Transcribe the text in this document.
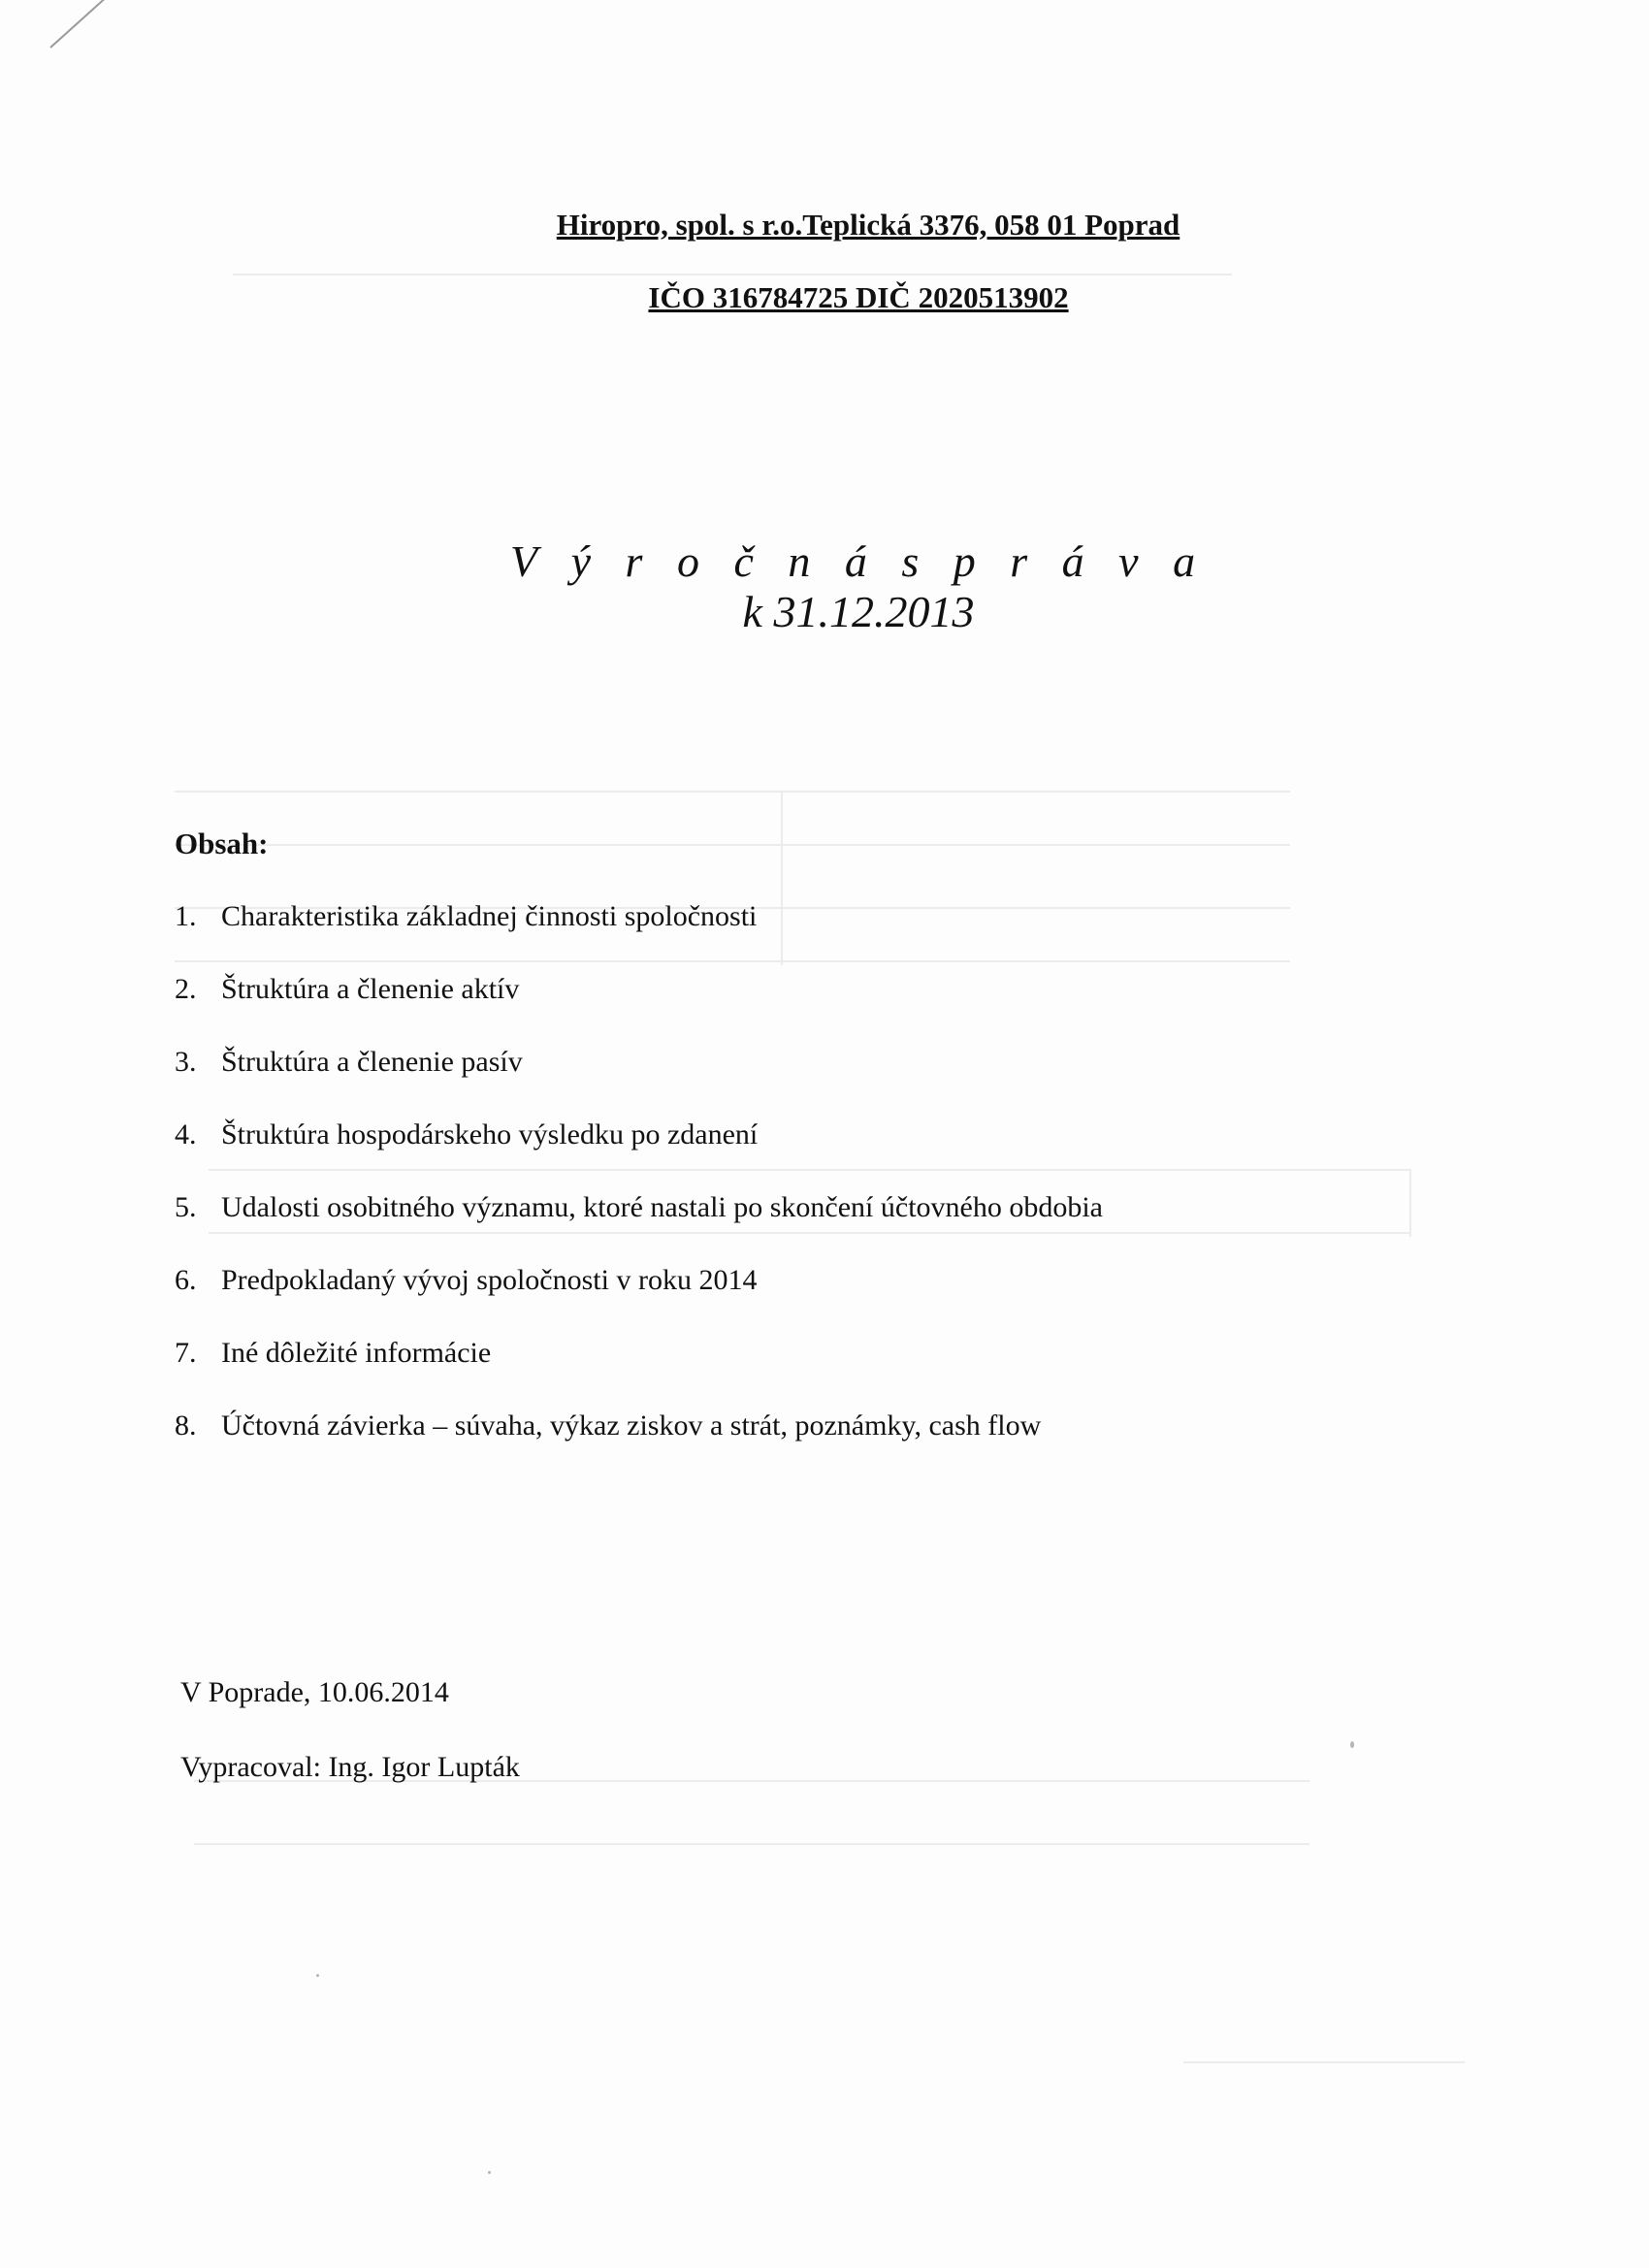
Hiropro, spol. s r.o.Teplická 3376, 058 01 Poprad
IČO 316784725 DIČ 2020513902
V ý r o č n á s p r á v a
k 31.12.2013
Obsah:
1. Charakteristika základnej činnosti spoločnosti
2. Štruktúra a členenie aktív
3. Štruktúra a členenie pasív
4. Štruktúra hospodárskeho výsledku po zdanení
5. Udalosti osobitného významu, ktoré nastali po skončení účtovného obdobia
6. Predpokladaný vývoj spoločnosti v roku 2014
7. Iné dôležité informácie
8. Účtovná závierka – súvaha, výkaz ziskov a strát, poznámky, cash flow
V Poprade, 10.06.2014
Vypracoval: Ing. Igor Lupták
